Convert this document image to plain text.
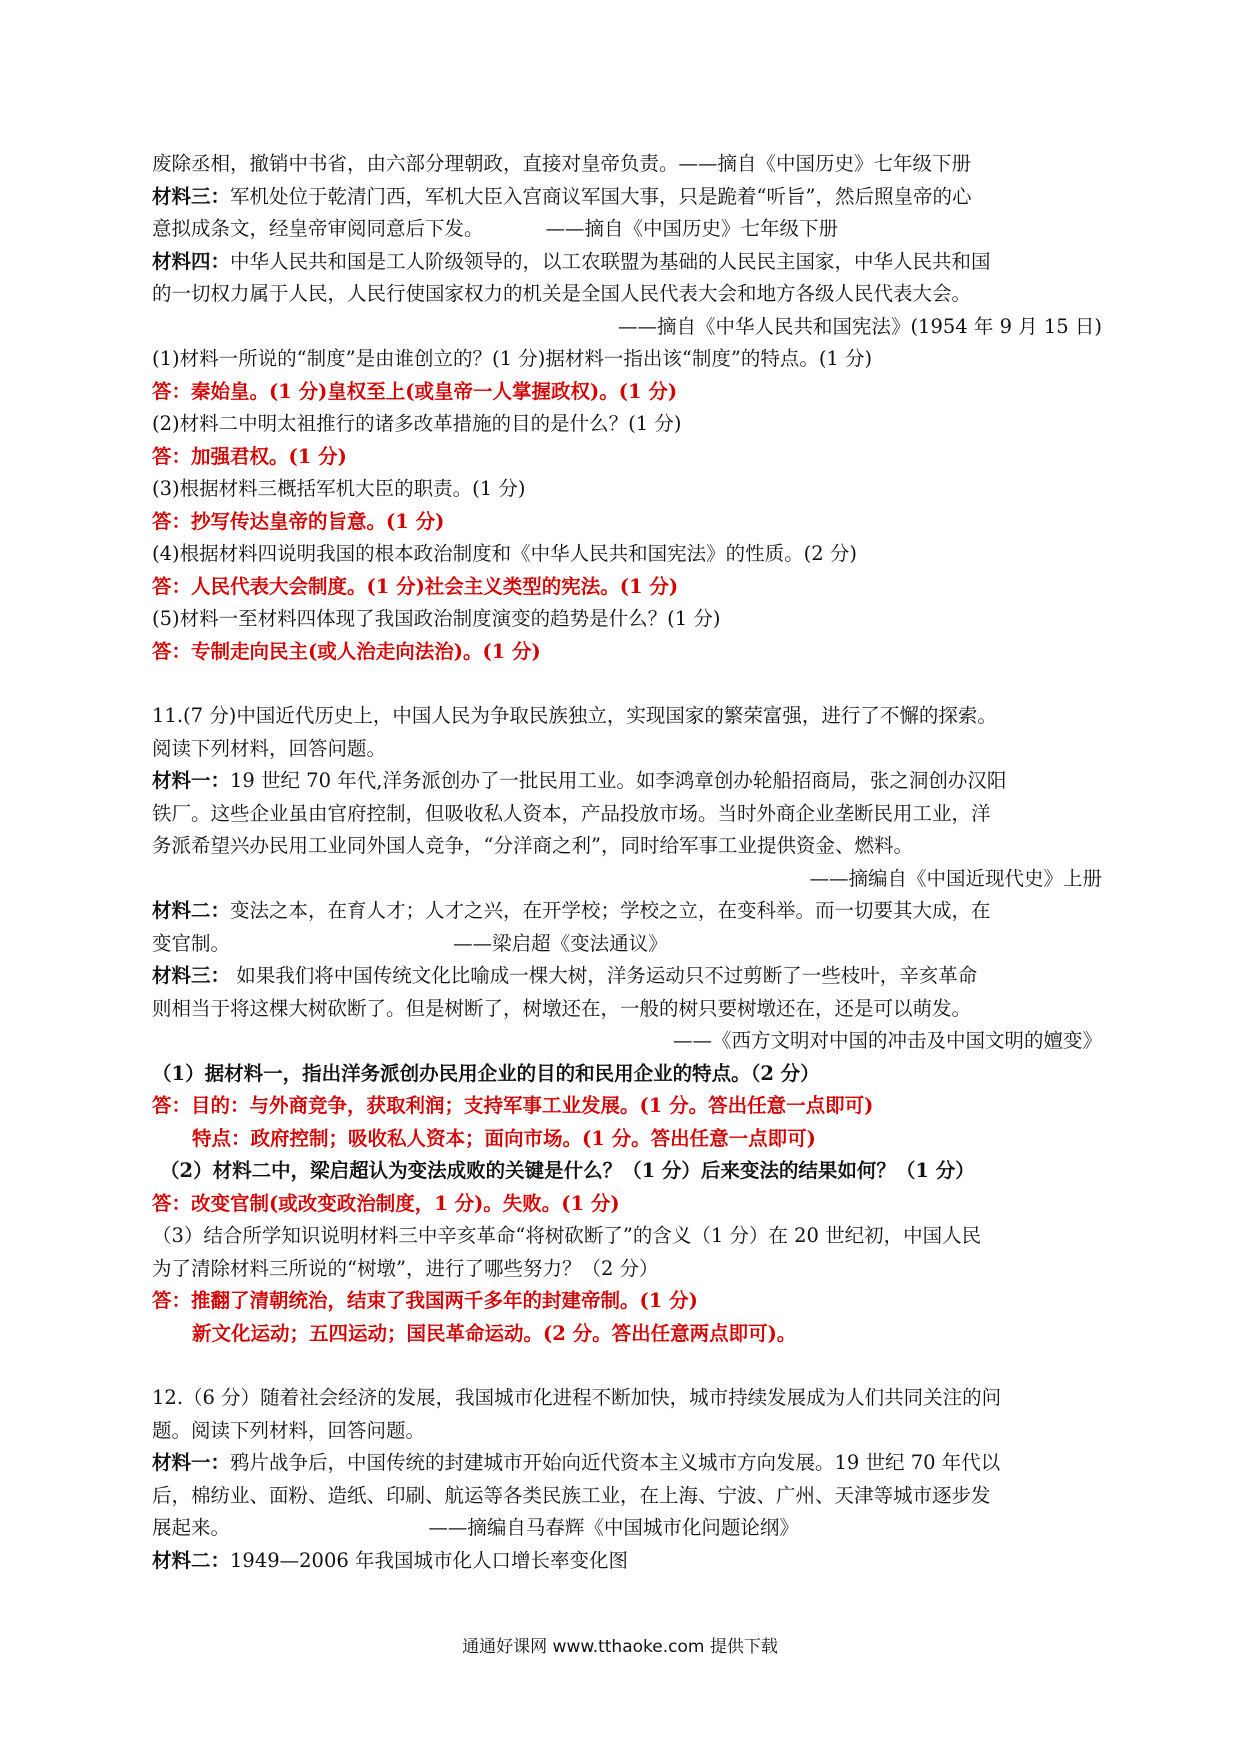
废除丞相，撤销中书省，由六部分理朝政，直接对皇帝负责。——摘自《中国历史》七年级下册

材料三：军机处位于乾清门西，军机大臣入宫商议军国大事，只是跪着“听旨”，然后照皇帝的心

意拟成条文，经皇帝审阅同意后下发。          ——摘自《中国历史》七年级下册

材料四：中华人民共和国是工人阶级领导的，以工农联盟为基础的人民民主国家，中华人民共和国

的一切权力属于人民，人民行使国家权力的机关是全国人民代表大会和地方各级人民代表大会。

——摘自《中华人民共和国宪法》(1954 年 9 月 15 日)

(1)材料一所说的“制度”是由谁创立的？(1 分)据材料一指出该“制度”的特点。(1 分)

答：秦始皇。(1 分)皇权至上(或皇帝一人掌握政权)。(1 分)

(2)材料二中明太祖推行的诸多改革措施的目的是什么？(1 分)

答：加强君权。(1 分)

(3)根据材料三概括军机大臣的职责。(1 分)

答：抄写传达皇帝的旨意。(1 分)

(4)根据材料四说明我国的根本政治制度和《中华人民共和国宪法》的性质。(2 分)

答：人民代表大会制度。(1 分)社会主义类型的宪法。(1 分)

(5)材料一至材料四体现了我国政治制度演变的趋势是什么？(1 分)

答：专制走向民主(或人治走向法治)。(1 分)

11.(7 分)中国近代历史上，中国人民为争取民族独立，实现国家的繁荣富强，进行了不懈的探索。

阅读下列材料，回答问题。

材料一：19 世纪 70 年代,洋务派创办了一批民用工业。如李鸿章创办轮船招商局，张之洞创办汉阳

铁厂。这些企业虽由官府控制，但吸收私人资本，产品投放市场。当时外商企业垄断民用工业，洋

务派希望兴办民用工业同外国人竞争，“分洋商之利”，同时给军事工业提供资金、燃料。

——摘编自《中国近现代史》上册

材料二：变法之本，在育人才；人才之兴，在开学校；学校之立，在变科举。而一切要其大成，在

变官制。                                    ——梁启超《变法通议》

材料三： 如果我们将中国传统文化比喻成一棵大树，洋务运动只不过剪断了一些枝叶，辛亥革命

则相当于将这棵大树砍断了。但是树断了，树墩还在，一般的树只要树墩还在，还是可以萌发。

——《西方文明对中国的冲击及中国文明的嬗变》

（1）据材料一，指出洋务派创办民用企业的目的和民用企业的特点。（2 分）

答：目的：与外商竞争，获取利润；支持军事工业发展。(1 分。答出任意一点即可)

特点：政府控制；吸收私人资本；面向市场。(1 分。答出任意一点即可)

（2）材料二中，梁启超认为变法成败的关键是什么？（1 分）后来变法的结果如何？（1 分）

答：改变官制(或改变政治制度，1 分)。失败。(1 分)

（3）结合所学知识说明材料三中辛亥革命“将树砍断了”的含义（1 分）在 20 世纪初，中国人民

为了清除材料三所说的“树墩”，进行了哪些努力？（2 分）

答：推翻了清朝统治，结束了我国两千多年的封建帝制。(1 分)

新文化运动；五四运动；国民革命运动。(2 分。答出任意两点即可)。

12.（6 分）随着社会经济的发展，我国城市化进程不断加快，城市持续发展成为人们共同关注的问

题。阅读下列材料，回答问题。

材料一：鸦片战争后，中国传统的封建城市开始向近代资本主义城市方向发展。19 世纪 70 年代以

后，棉纺业、面粉、造纸、印刷、航运等各类民族工业，在上海、宁波、广州、天津等城市逐步发

展起来。                                ——摘编自马春辉《中国城市化问题论纲》

材料二：1949—2006 年我国城市化人口增长率变化图

通通好课网 www.tthaoke.com 提供下载
